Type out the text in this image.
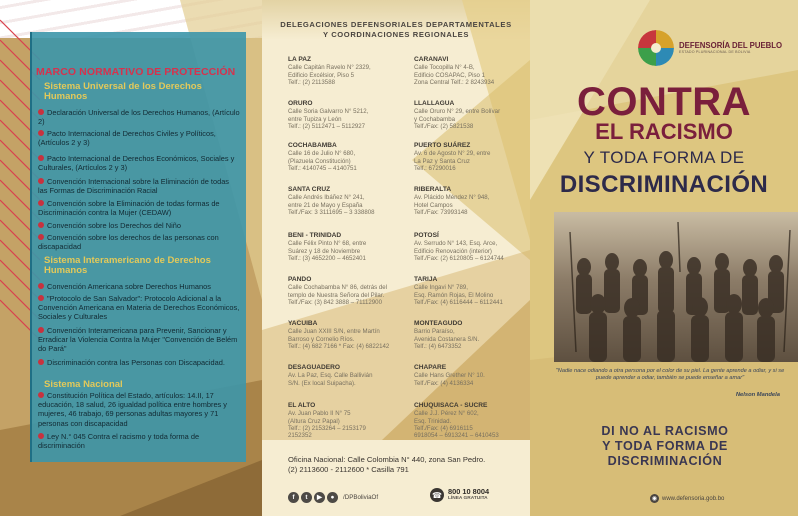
MARCO NORMATIVO DE PROTECCIÓN
Sistema Universal de los Derechos Humanos
Declaración Universal de los Derechos Humanos, (Artículo 2)
Pacto Internacional de Derechos Civiles y Políticos, (Artículos 2 y 3)
Pacto Internacional de Derechos Económicos, Sociales y Culturales, (Artículos 2 y 3)
Convención Internacional sobre la Eliminación de todas las Formas de Discriminación Racial
Convención sobre la Eliminación de todas formas de Discriminación contra la Mujer (CEDAW)
Convención sobre los Derechos del Niño
Convención sobre los derechos de las personas con discapacidad
Sistema Interamericano de Derechos Humanos
Convención Americana sobre Derechos Humanos
"Protocolo de San Salvador": Protocolo Adicional a la Convención Americana en Materia de Derechos Económicos, Sociales y Culturales
Convención Interamericana para Prevenir, Sancionar y Erradicar la Violencia Contra la Mujer "Convención de Belém do Pará"
Discriminación contra las Personas con Discapacidad.
Sistema Nacional
Constitución Política del Estado, artículos: 14.II, 17 educación, 18 salud, 26 igualdad política entre hombres y mujeres, 46 trabajo, 69 personas adultas mayores y 71 personas con discapacidad
Ley N.° 045 Contra el racismo y toda forma de discriminación
DELEGACIONES DEFENSORIALES DEPARTAMENTALES
Y COORDINACIONES REGIONALES
LA PAZ
Calle Capitán Ravelo N° 2329,
Edificio Excélsior, Piso 5
Telf.: (2) 2113588
CARANAVI
Calle Tocopilla N° 4-B,
Edificio COSAPAC, Piso 1
Zona Central Telf.: 2 8243934
ORURO
Calle Soria Galvarro N° 5212,
entre Tupiza y León
Telf.: (2) 5112471 – 5112927
LLALLAGUA
Calle Oruro N° 29, entre Bolívar
y Cochabamba
Telf./Fax: (2) 5821538
COCHABAMBA
Calle 16 de Julio N° 680,
(Plazuela Constitución)
Telf.: 4140745 – 4140751
PUERTO SUÁREZ
Av. 6 de Agosto N° 29, entre
La Paz y Santa Cruz
Telf.: 67290016
SANTA CRUZ
Calle Andrés Ibáñez N° 241,
entre 21 de Mayo y España
Telf./Fax: 3 3111695 – 3 338808
RIBERALTA
Av. Plácido Méndez N° 948,
Hotel Campos
Telf./Fax: 73993148
BENI - TRINIDAD
Calle Félix Pinto N° 68, entre
Suárez y 18 de Noviembre
Telf.: (3) 4652200 – 4652401
POTOSÍ
Av. Serrudo N° 143, Esq. Arce,
Edificio Renovación (interior)
Telf./Fax: (2) 6120805 – 6124744
PANDO
Calle Cochabamba N° 86, detrás del
templo de Nuestra Señora del Pilar.
Telf./Fax: (3) 842 3888 – 71112900
TARIJA
Calle Ingavi N° 789,
Esq. Ramón Rojas, El Molino
Telf./Fax: (4) 6116444 – 6112441
YACUIBA
Calle Juan XXIII S/N, entre Martín
Barroso y Cornelio Ríos.
Telf.: (4) 682 7166 * Fax: (4) 6822142
MONTEAGUDO
Barrio Paraíso,
Avenida Costanera S/N.
Telf.: (4) 6473352
DESAGUADERO
Av. La Paz, Esq. Calle Ballivián
S/N. (Ex local Suipacha).
CHAPARE
Calle Hans Grether N° 10.
Telf./Fax: (4) 4136334
EL ALTO
Av. Juan Pablo II N° 75
(Altura Cruz Papal)
Telf.: (2) 2153264 – 2153179
2152352
CHUQUISACA - SUCRE
Calle J.J. Pérez N° 602,
Esq. Trinidad.
Telf./Fax: (4) 6916115
6918054 – 6913241 – 6410453
Oficina Nacional: Calle Colombia N° 440, zona San Pedro.
(2) 2113600 - 2112600 * Casilla 791
f	t	▶	●	/DPBoliviaOf	☎ 800 10 8004
LÍNEA GRATUITA
DEFENSORÍA DEL PUEBLO
ESTADO PLURINACIONAL DE BOLIVIA
CONTRA
EL RACISMO
Y TODA FORMA DE
DISCRIMINACIÓN
"Nadie nace odiando a otra persona por el color de su piel. La gente aprende a odiar, y si se puede aprender a odiar, también se puede enseñar a amar"
Nelson Mandela
DI NO AL RACISMO
Y TODA FORMA DE
DISCRIMINACIÓN
◉ www.defensoria.gob.bo
